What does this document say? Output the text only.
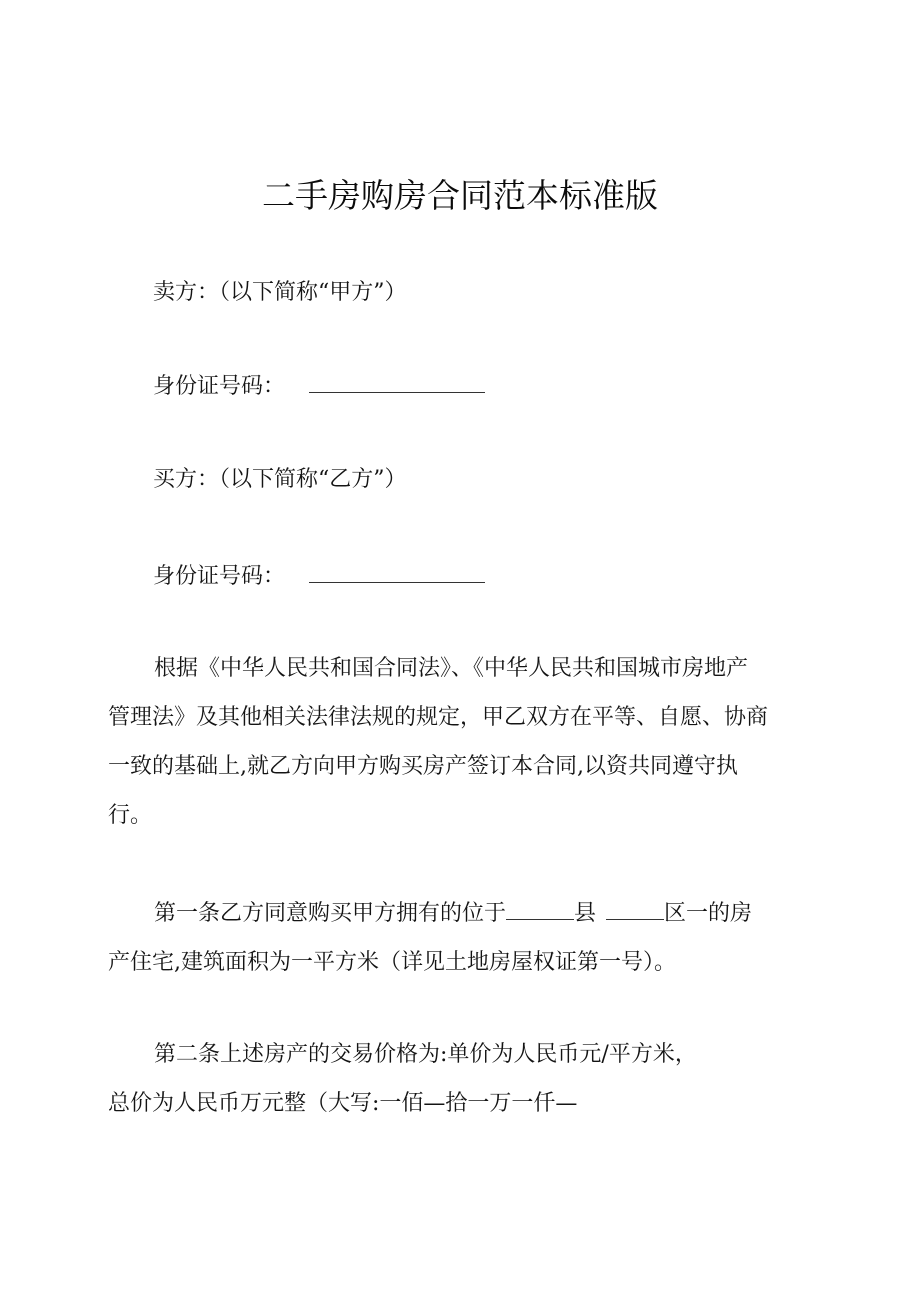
二手房购房合同范本标准版
卖方：（以下简称“甲方”）
身份证号码：
买方：（以下简称“乙方”）
身份证号码：
根据《中华人民共和国合同法》、《中华人民共和国城市房地产
管理法》及其他相关法律法规的规定，甲乙双方在平等、自愿、协商
一致的基础上,就乙方向甲方购买房产签订本合同,以资共同遵守执
行。
第一条乙方同意购买甲方拥有的位于	县	区一的房
产住宅,建筑面积为一平方米（详见土地房屋权证第一号）。
第二条上述房产的交易价格为:单价为人民币元/平方米，
总价为人民币万元整（大写:一佰—拾一万一仟—
